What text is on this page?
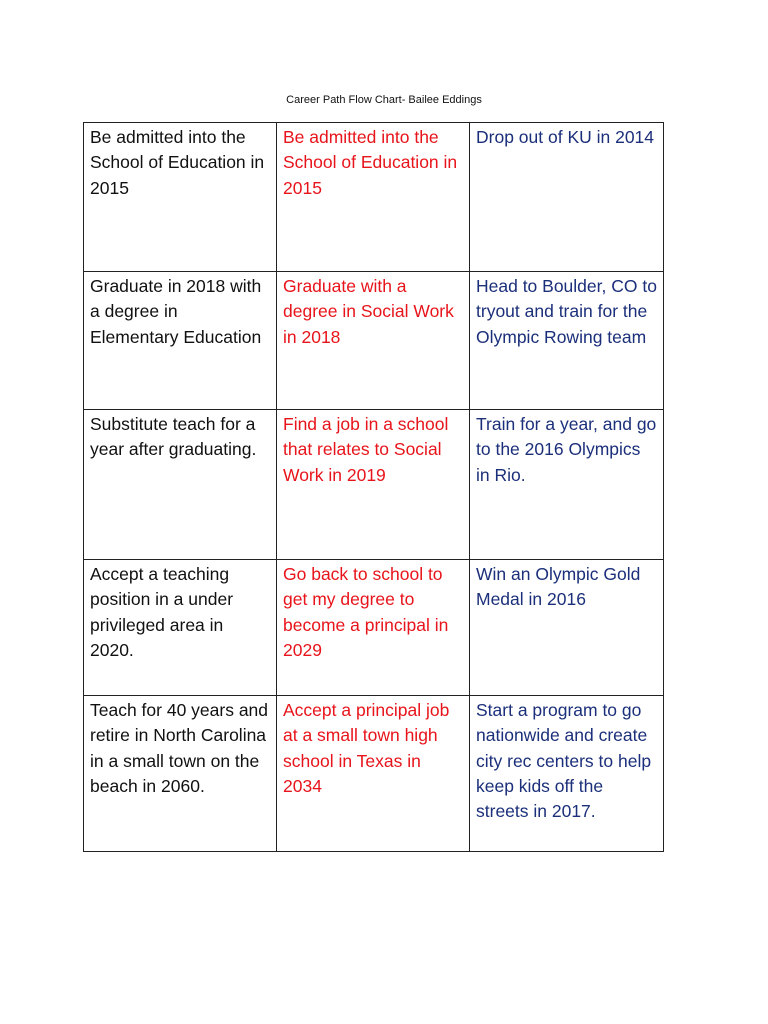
Career Path Flow Chart- Bailee Eddings
Be admitted into the School of Education in 2015	Be admitted into the School of Education in 2015	Drop out of KU in 2014
Graduate in 2018 with a degree in Elementary Education	Graduate with a degree in Social Work in 2018	Head to Boulder, CO to tryout and train for the Olympic Rowing team
Substitute teach for a year after graduating.	Find a job in a school that relates to Social Work in 2019	Train for a year, and go to the 2016 Olympics in Rio.
Accept a teaching position in a under privileged area in 2020.	Go back to school to get my degree to become a principal in 2029	Win an Olympic Gold Medal in 2016
Teach for 40 years and retire in North Carolina in a small town on the beach in 2060.	Accept a principal job at a small town high school in Texas in 2034	Start a program to go nationwide and create city rec centers to help keep kids off the streets in 2017.
